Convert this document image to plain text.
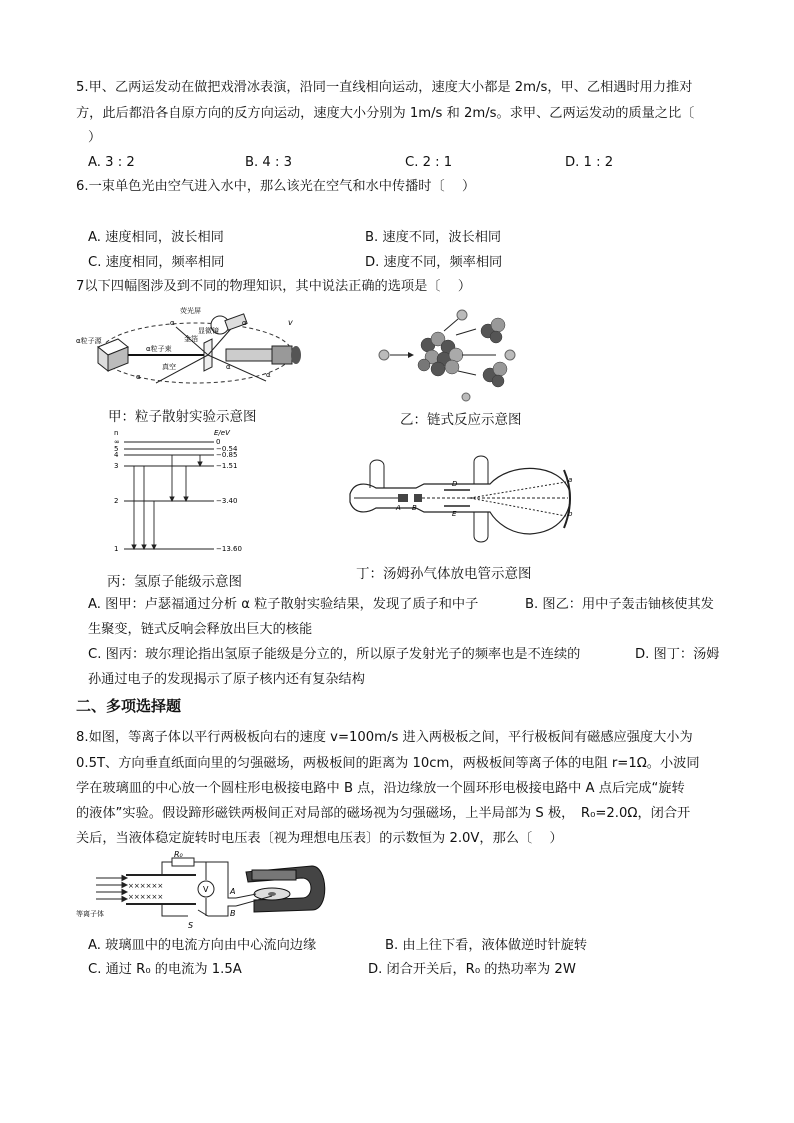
5.甲、乙两运发动在做把戏滑冰表演，沿同一直线相向运动，速度大小都是 2m/s，甲、乙相遇时用力推对
方，此后都沿各自原方向的反方向运动，速度大小分别为 1m/s 和 2m/s。求甲、乙两运发动的质量之比〔
）
A. 3 : 2	B. 4 : 3	C. 2 : 1	D. 1 : 2
6.一束单色光由空气进入水中，那么该光在空气和水中传播时〔　 ）
A. 速度相同，波长相同	B. 速度不同，波长相同
C. 速度相同，频率相同	D. 速度不同，频率相同
7以下四幅图涉及到不同的物理知识，其中说法正确的选项是〔　 ）
α粒子源
α粒子束
金箔
荧光屏
显微镜
真空
α
α
α
α
α
v
甲：粒子散射实验示意图	乙：链式反应示意图
n	E/eV
∞
5
4
3
2
1
0
−0.54
−0.85
−1.51
−3.40
−13.60
丙：氢原子能级示意图
A B
D
E
a
b
丁：汤姆孙气体放电管示意图
A. 图甲：卢瑟福通过分析 α 粒子散射实验结果，发现了质子和中子	B. 图乙：用中子轰击铀核使其发
生聚变，链式反响会释放出巨大的核能
C. 图丙：玻尔理论指出氢原子能级是分立的，所以原子发射光子的频率也是不连续的	D. 图丁：汤姆
孙通过电子的发现揭示了原子核内还有复杂结构
二、多项选择题
8.如图，等离子体以平行两极板向右的速度 v=100m/s 进入两极板之间，平行极板间有磁感应强度大小为
0.5T、方向垂直纸面向里的匀强磁场，两极板间的距离为 10cm，两极板间等离子体的电阻 r=1Ω。小波同
学在玻璃皿的中心放一个圆柱形电极接电路中 B 点，沿边缘放一个圆环形电极接电路中 A 点后完成“旋转
的液体”实验。假设蹄形磁铁两极间正对局部的磁场视为匀强磁场，上半局部为 S 极，　R₀=2.0Ω，闭合开
关后，当液体稳定旋转时电压表〔视为理想电压表〕的示数恒为 2.0V，那么〔　 ）
××××××
××××××
等离子体
R₀
V
S
A
B
A. 玻璃皿中的电流方向由中心流向边缘	B. 由上往下看，液体做逆时针旋转
C. 通过 R₀ 的电流为 1.5A	D. 闭合开关后，R₀ 的热功率为 2W
